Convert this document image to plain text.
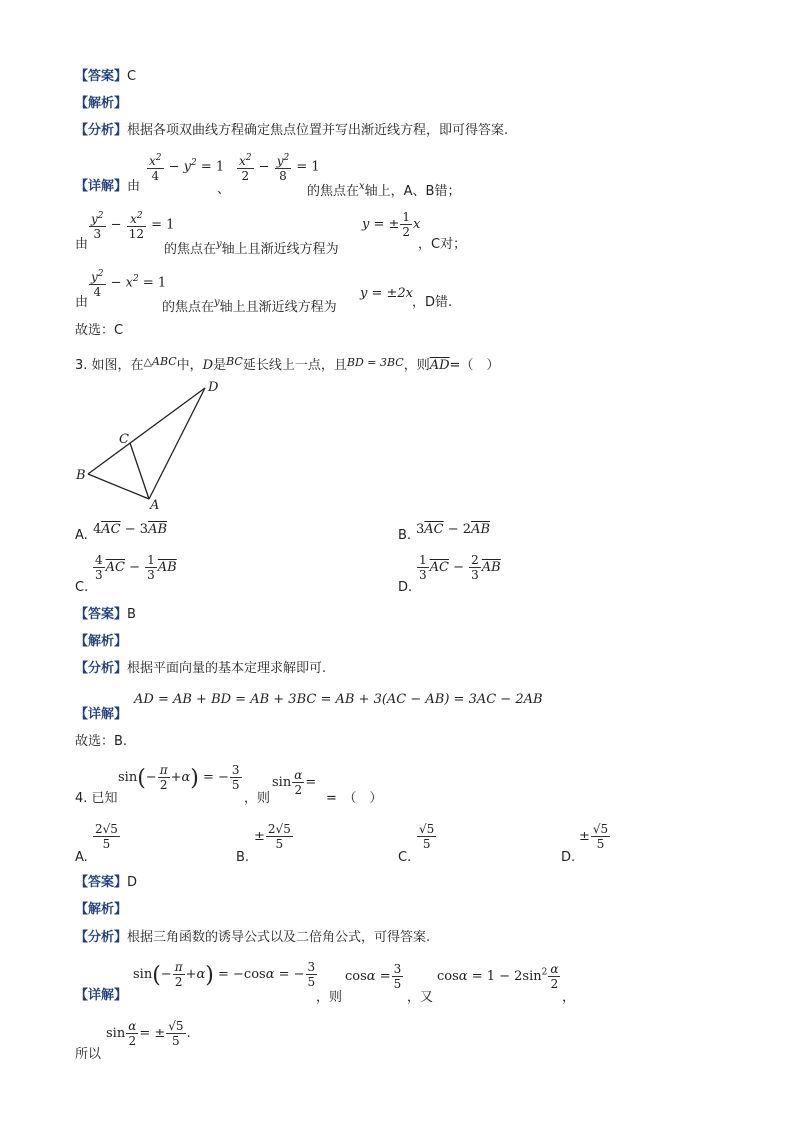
【答案】C
【解析】
【分析】根据各项双曲线方程确定焦点位置并写出渐近线方程，即可得答案.
【详解】由
$\frac{x^2}{4} - y^2 = 1$
、
$\frac{x^2}{2} - \frac{y^2}{8} = 1$
的焦点在$^x$轴上，A、B错；
由
$\frac{y^2}{3} - \frac{x^2}{12} = 1$
的焦点在$^y$轴上且渐近线方程为
y = ± $\frac{1}{2}$ x
，C对；
由
$\frac{y^2}{4} - x^2 = 1$
的焦点在$^y$轴上且渐近线方程为
y = ±2x
，D错.
故选：C
3. 如图，在$^{\triangle ABC}$中，D是$^{BC}$延长线上一点，且$^{BD = 3BC}$，则$\overline{AD}=$（　）
D
C
B
A
A. $4\overline{AC} - 3\overline{AB}$	B. $3\overline{AC} - 2\overline{AB}$
C.
$\frac{4}{3} \overline{AC} - \frac{1}{3} \overline{AB}$
D.
$\frac{1}{3} \overline{AC} - \frac{2}{3} \overline{AB}$
【答案】B
【解析】
【分析】根据平面向量的基本定理求解即可.
【详解】
AD = AB + BD = AB + 3BC = AB + 3(AC − AB) = 3AC − 2AB
故选：B.
4. 已知
$\sin(- \frac{\pi}{2} +\alpha)$ = − $\frac{3}{5}$
，则
$\sin \frac{\alpha}{2}$ =
=　（　）
A.
$\frac{2√5}{5}$
B.
± $\frac{2√5}{5}$
C.
$\frac{√5}{5}$
D.
± $\frac{√5}{5}$
【答案】D
【解析】
【分析】根据三角函数的诱导公式以及二倍角公式，可得答案.
【详解】
$\sin(- \frac{\pi}{2} +\alpha) = -\cos\alpha$ = − $\frac{3}{5}$
，则
$\cos\alpha = \frac{3}{5}$
，又
$\cos\alpha = 1 - 2\sin^2 \frac{\alpha}{2}$
，
所以
$\sin \frac{\alpha}{2}$ = ± $\frac{√5}{5}$ .
